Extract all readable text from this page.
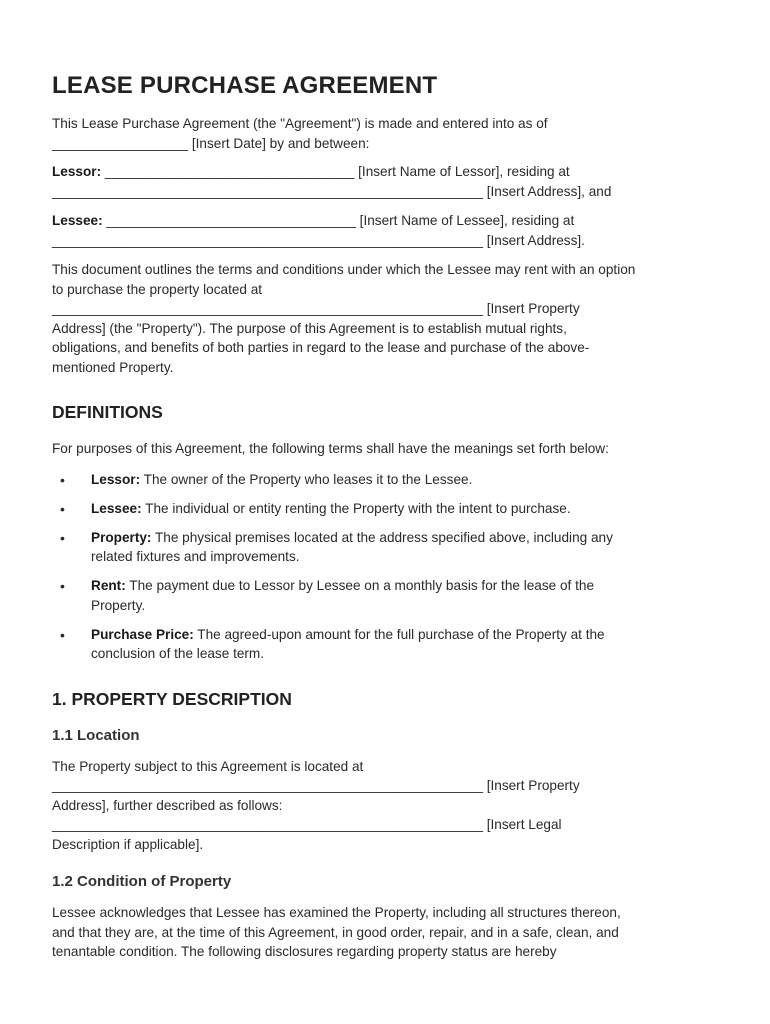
LEASE PURCHASE AGREEMENT

This Lease Purchase Agreement (the "Agreement") is made and entered into as of
__________________ [Insert Date] by and between:

Lessor: _________________________________ [Insert Name of Lessor], residing at
_________________________________________________________ [Insert Address], and

Lessee: _________________________________ [Insert Name of Lessee], residing at
_________________________________________________________ [Insert Address].

This document outlines the terms and conditions under which the Lessee may rent with an option
to purchase the property located at
_________________________________________________________ [Insert Property
Address] (the "Property"). The purpose of this Agreement is to establish mutual rights,
obligations, and benefits of both parties in regard to the lease and purchase of the above-
mentioned Property.

DEFINITIONS

For purposes of this Agreement, the following terms shall have the meanings set forth below:

• Lessor: The owner of the Property who leases it to the Lessee.
• Lessee: The individual or entity renting the Property with the intent to purchase.
• Property: The physical premises located at the address specified above, including any
related fixtures and improvements.
• Rent: The payment due to Lessor by Lessee on a monthly basis for the lease of the
Property.
• Purchase Price: The agreed-upon amount for the full purchase of the Property at the
conclusion of the lease term.
1. PROPERTY DESCRIPTION
1.1 Location

The Property subject to this Agreement is located at
_________________________________________________________ [Insert Property
Address], further described as follows:
_________________________________________________________ [Insert Legal
Description if applicable].

1.2 Condition of Property

Lessee acknowledges that Lessee has examined the Property, including all structures thereon,
and that they are, at the time of this Agreement, in good order, repair, and in a safe, clean, and
tenantable condition. The following disclosures regarding property status are hereby
